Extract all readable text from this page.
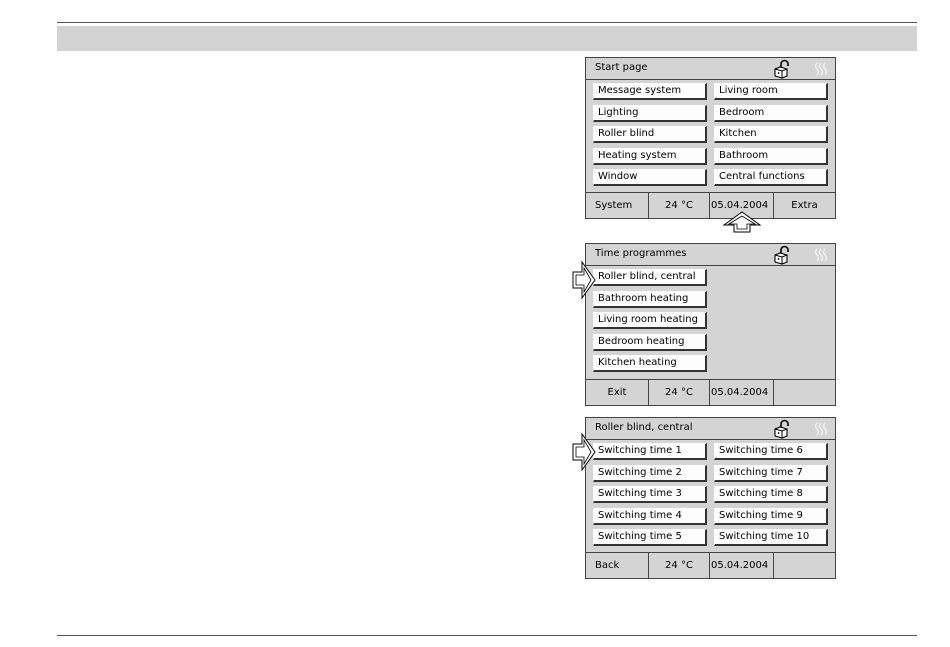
Start page
Message system
Lighting
Roller blind
Heating system
Window
Living room
Bedroom
Kitchen
Bathroom
Central functions
System	24 °C	05.04.2004	Extra
Time programmes
Roller blind, central
Bathroom heating
Living room heating
Bedroom heating
Kitchen heating
Exit	24 °C	05.04.2004
Roller blind, central
Switching time 1
Switching time 2
Switching time 3
Switching time 4
Switching time 5
Switching time 6
Switching time 7
Switching time 8
Switching time 9
Switching time 10
Back	24 °C	05.04.2004
